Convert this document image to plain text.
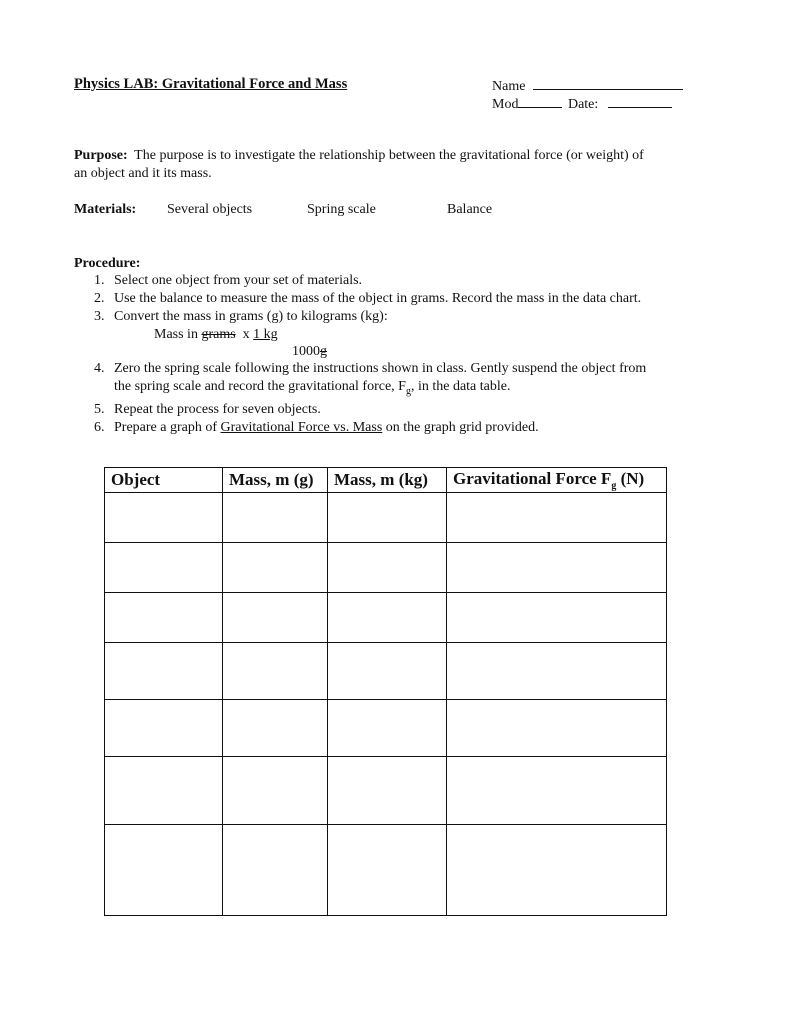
Physics LAB: Gravitational Force and Mass	Name
Mod	Date:
Purpose: The purpose is to investigate the relationship between the gravitational force (or weight) of
an object and it its mass.
Materials: Several objects	Spring scale	Balance
Procedure:
1. Select one object from your set of materials.
2. Use the balance to measure the mass of the object in grams. Record the mass in the data chart.
3. Convert the mass in grams (g) to kilograms (kg):
Mass in grams x 1 kg
1000g
4. Zero the spring scale following the instructions shown in class. Gently suspend the object from
the spring scale and record the gravitational force, $F_g$, in the data table.
5. Repeat the process for seven objects.
6. Prepare a graph of Gravitational Force vs. Mass on the graph grid provided.
Object	Mass, m (g)	Mass, m (kg)	Gravitational Force $F_g$ (N)
